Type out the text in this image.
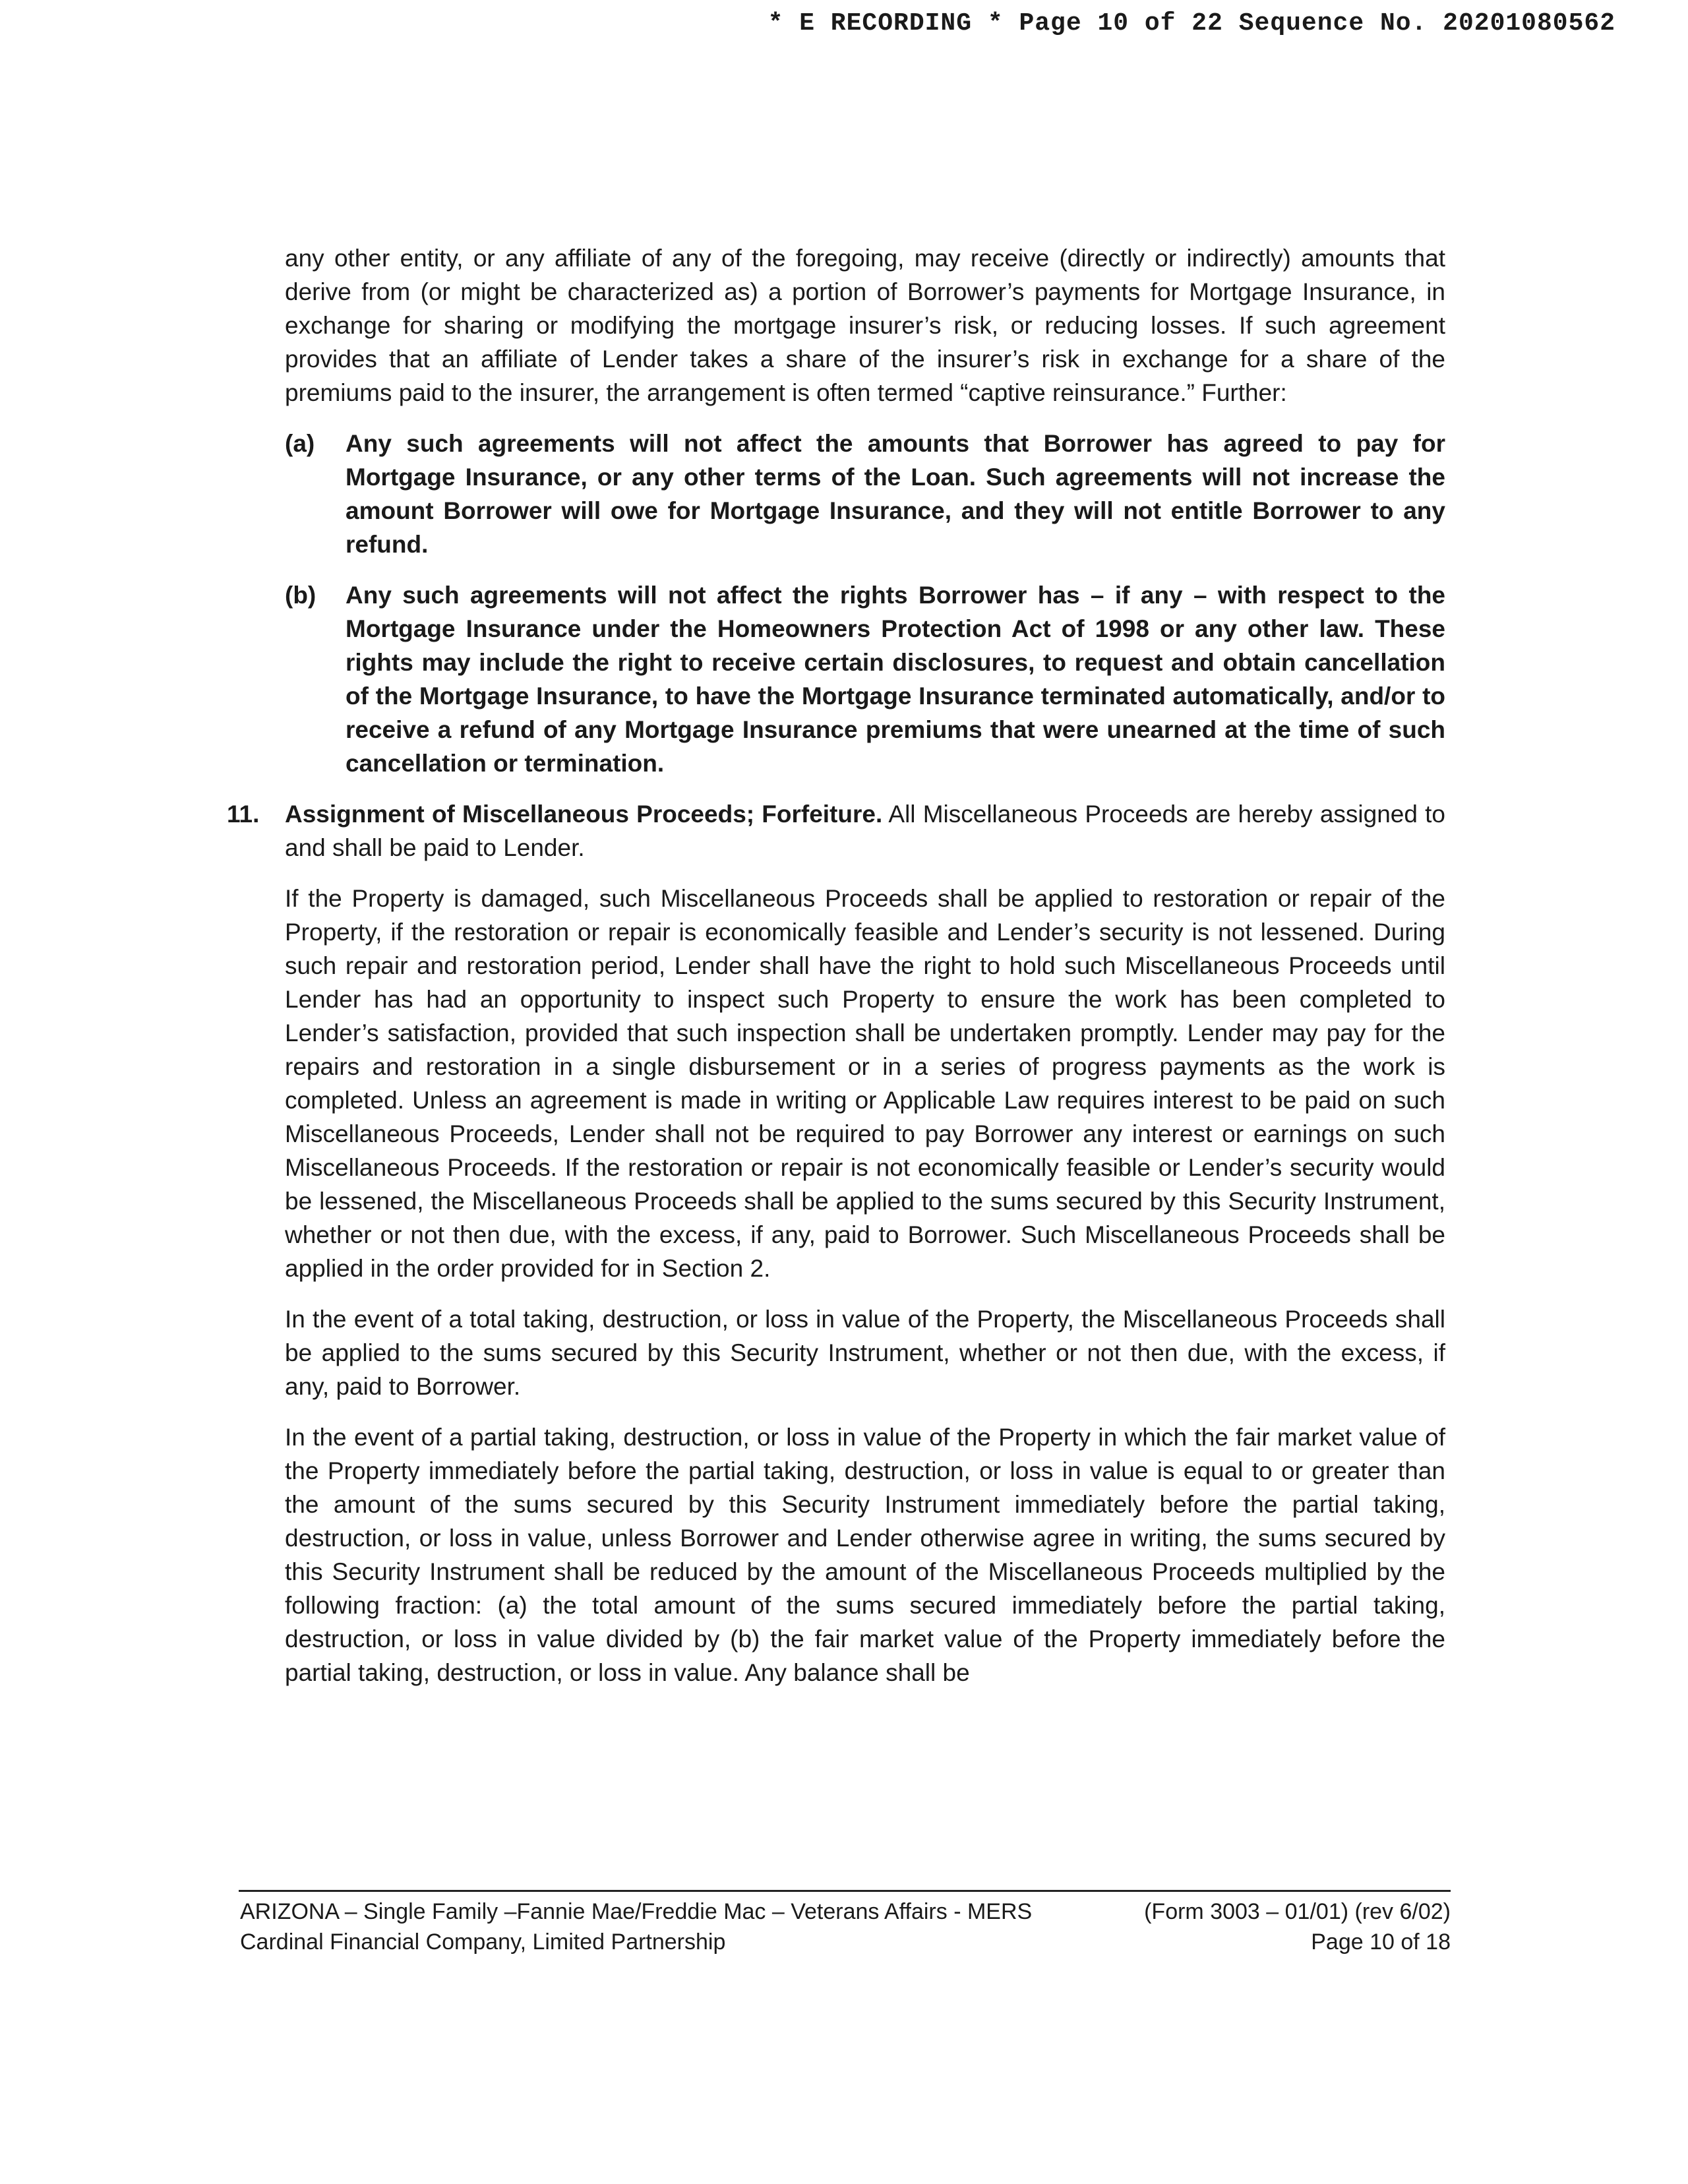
* E RECORDING * Page 10 of 22 Sequence No. 20201080562

any other entity, or any affiliate of any of the foregoing, may receive (directly or indirectly) amounts that derive from (or might be characterized as) a portion of Borrower’s payments for Mortgage Insurance, in exchange for sharing or modifying the mortgage insurer’s risk, or reducing losses. If such agreement provides that an affiliate of Lender takes a share of the insurer’s risk in exchange for a share of the premiums paid to the insurer, the arrangement is often termed “captive reinsurance.” Further:

(a)	Any such agreements will not affect the amounts that Borrower has agreed to pay for Mortgage Insurance, or any other terms of the Loan. Such agreements will not increase the amount Borrower will owe for Mortgage Insurance, and they will not entitle Borrower to any refund.
(b)	Any such agreements will not affect the rights Borrower has – if any – with respect to the Mortgage Insurance under the Homeowners Protection Act of 1998 or any other law. These rights may include the right to receive certain disclosures, to request and obtain cancellation of the Mortgage Insurance, to have the Mortgage Insurance terminated automatically, and/or to receive a refund of any Mortgage Insurance premiums that were unearned at the time of such cancellation or termination.
11. Assignment of Miscellaneous Proceeds; Forfeiture. All Miscellaneous Proceeds are hereby assigned to and shall be paid to Lender.

If the Property is damaged, such Miscellaneous Proceeds shall be applied to restoration or repair of the Property, if the restoration or repair is economically feasible and Lender’s security is not lessened. During such repair and restoration period, Lender shall have the right to hold such Miscellaneous Proceeds until Lender has had an opportunity to inspect such Property to ensure the work has been completed to Lender’s satisfaction, provided that such inspection shall be undertaken promptly. Lender may pay for the repairs and restoration in a single disbursement or in a series of progress payments as the work is completed. Unless an agreement is made in writing or Applicable Law requires interest to be paid on such Miscellaneous Proceeds, Lender shall not be required to pay Borrower any interest or earnings on such Miscellaneous Proceeds. If the restoration or repair is not economically feasible or Lender’s security would be lessened, the Miscellaneous Proceeds shall be applied to the sums secured by this Security Instrument, whether or not then due, with the excess, if any, paid to Borrower. Such Miscellaneous Proceeds shall be applied in the order provided for in Section 2.

In the event of a total taking, destruction, or loss in value of the Property, the Miscellaneous Proceeds shall be applied to the sums secured by this Security Instrument, whether or not then due, with the excess, if any, paid to Borrower.

In the event of a partial taking, destruction, or loss in value of the Property in which the fair market value of the Property immediately before the partial taking, destruction, or loss in value is equal to or greater than the amount of the sums secured by this Security Instrument immediately before the partial taking, destruction, or loss in value, unless Borrower and Lender otherwise agree in writing, the sums secured by this Security Instrument shall be reduced by the amount of the Miscellaneous Proceeds multiplied by the following fraction: (a) the total amount of the sums secured immediately before the partial taking, destruction, or loss in value divided by (b) the fair market value of the Property immediately before the partial taking, destruction, or loss in value. Any balance shall be

ARIZONA – Single Family –Fannie Mae/Freddie Mac – Veterans Affairs - MERS
Cardinal Financial Company, Limited Partnership
(Form 3003 – 01/01) (rev 6/02)
Page 10 of 18
